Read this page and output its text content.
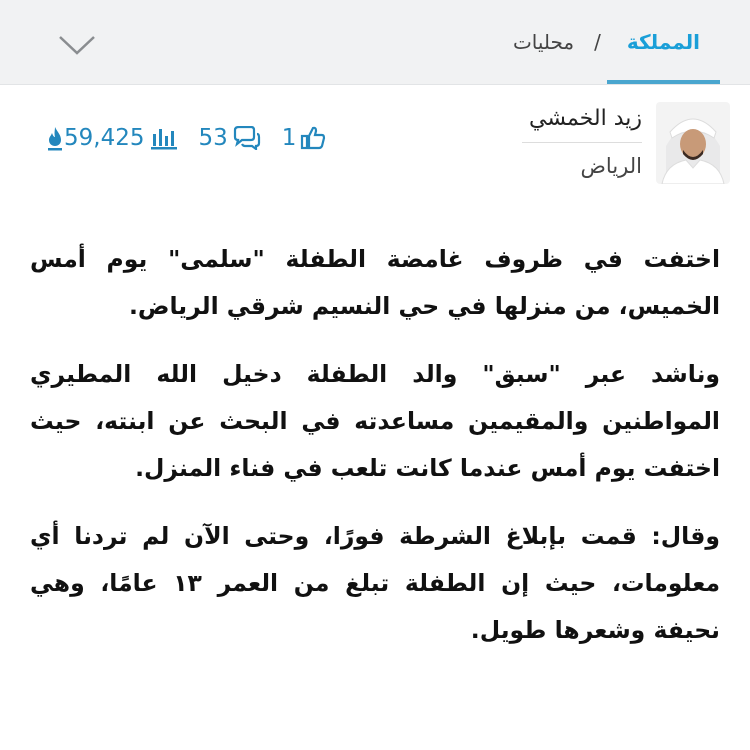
المملكة
/
محليات
زيد الخمشي
الرياض
59,425 53 1

اختفت في ظروف غامضة الطفلة "سلمى" يوم أمس الخميس، من منزلها في حي النسيم شرقي الرياض.

وناشد عبر "سبق" والد الطفلة دخيل الله المطيري المواطنين والمقيمين مساعدته في البحث عن ابنته، حيث اختفت يوم أمس عندما كانت تلعب في فناء المنزل.

وقال: قمت بإبلاغ الشرطة فورًا، وحتى الآن لم تردنا أي معلومات، حيث إن الطفلة تبلغ من العمر ١٣ عامًا، وهي نحيفة وشعرها طويل.
